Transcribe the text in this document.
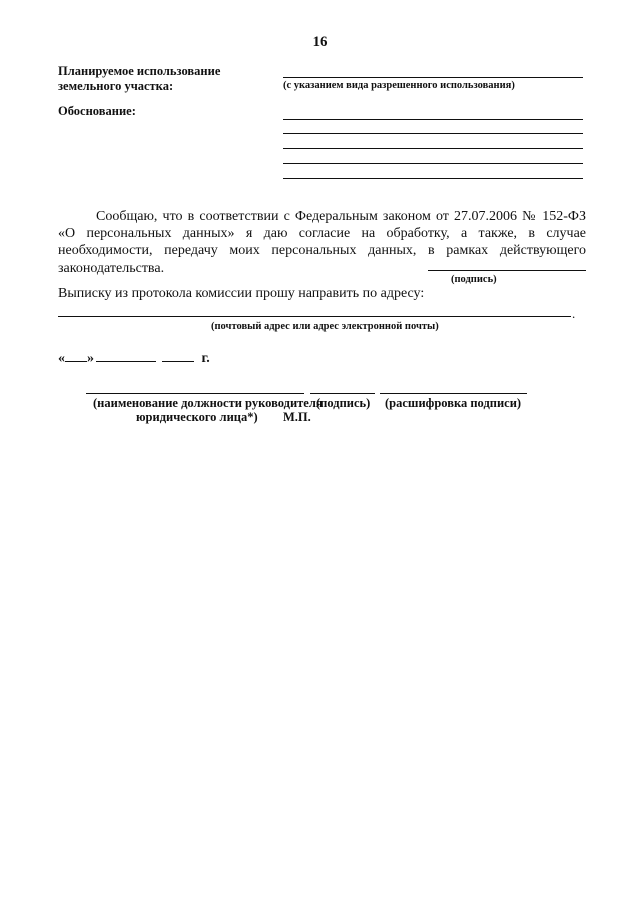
16
Планируемое использование
земельного участка:	(с указанием вида разрешенного использования)
Обоснование:
Сообщаю, что в соответствии с Федеральным законом от 27.07.2006 № 152-ФЗ «О персональных данных» я даю согласие на обработку, а также, в случае необходимости, передачу моих персональных данных, в рамках действующего законодательства.
(подпись)
Выписку из протокола комиссии прошу направить по адресу:
.
(почтовый адрес или адрес электронной почты)
« »	г.
(наименование должности руководителя
юридического лица*)
(подпись) (расшифровка подписи)
М.П.
